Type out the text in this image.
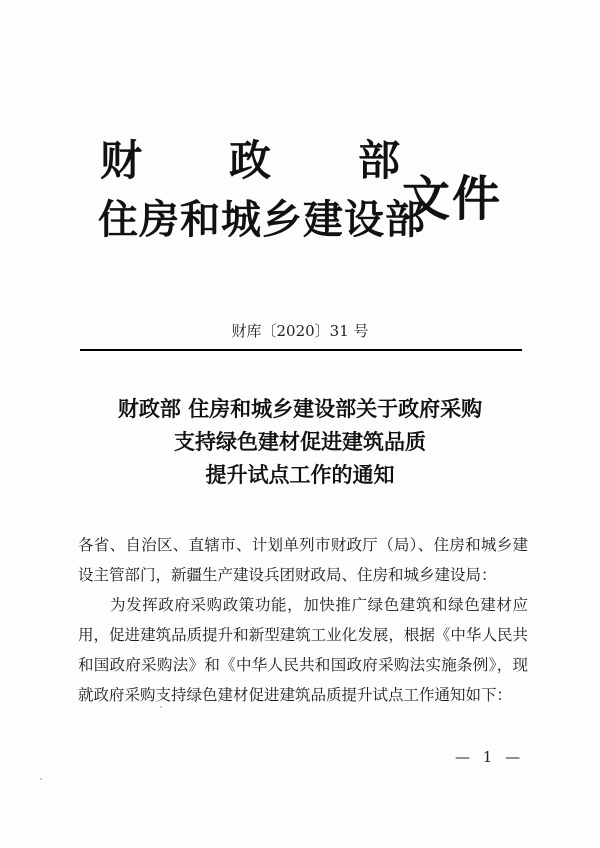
财 政 部
住房和城乡建设部
文件
财库〔2020〕31 号
财政部 住房和城乡建设部关于政府采购
支持绿色建材促进建筑品质
提升试点工作的通知

各省、自治区、直辖市、计划单列市财政厅（局）、住房和城乡建设主管部门，新疆生产建设兵团财政局、住房和城乡建设局：

为发挥政府采购政策功能，加快推广绿色建筑和绿色建材应用，促进建筑品质提升和新型建筑工业化发展，根据《中华人民共和国政府采购法》和《中华人民共和国政府采购法实施条例》，现就政府采购支持绿色建材促进建筑品质提升试点工作通知如下：

— 1 —
